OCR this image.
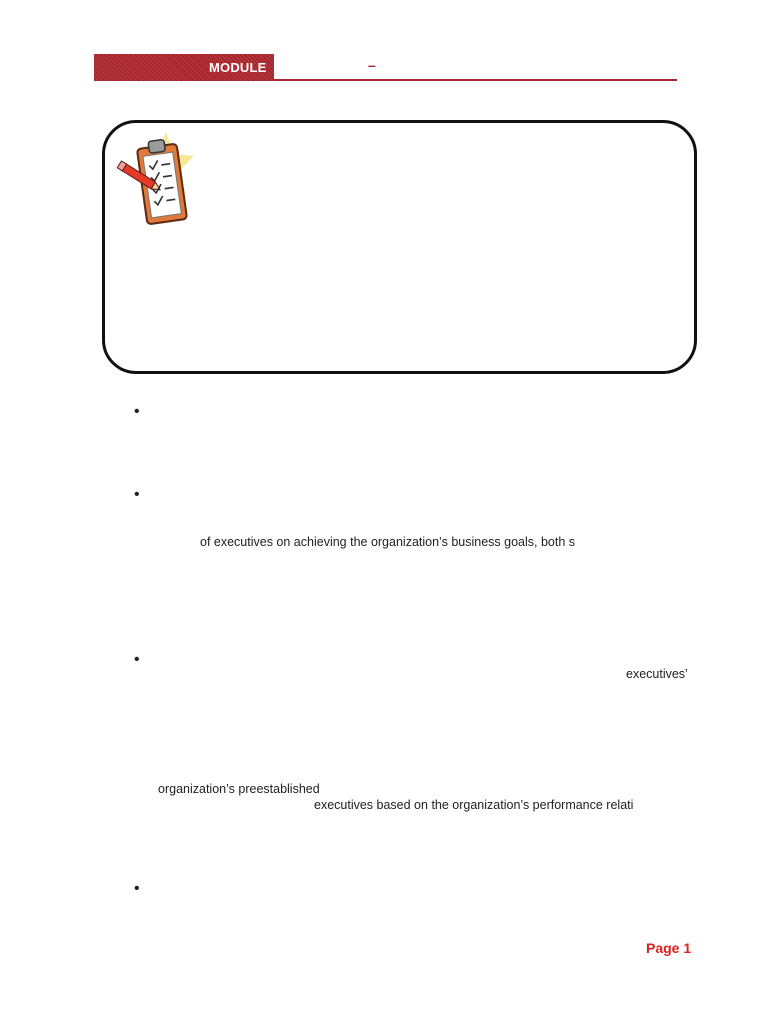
MODULE	–
•
•
•
•
of executives on achieving the organization’s business goals, both s
executives’
organization’s preestablished
executives based on the organization’s performance relati
Page 1
